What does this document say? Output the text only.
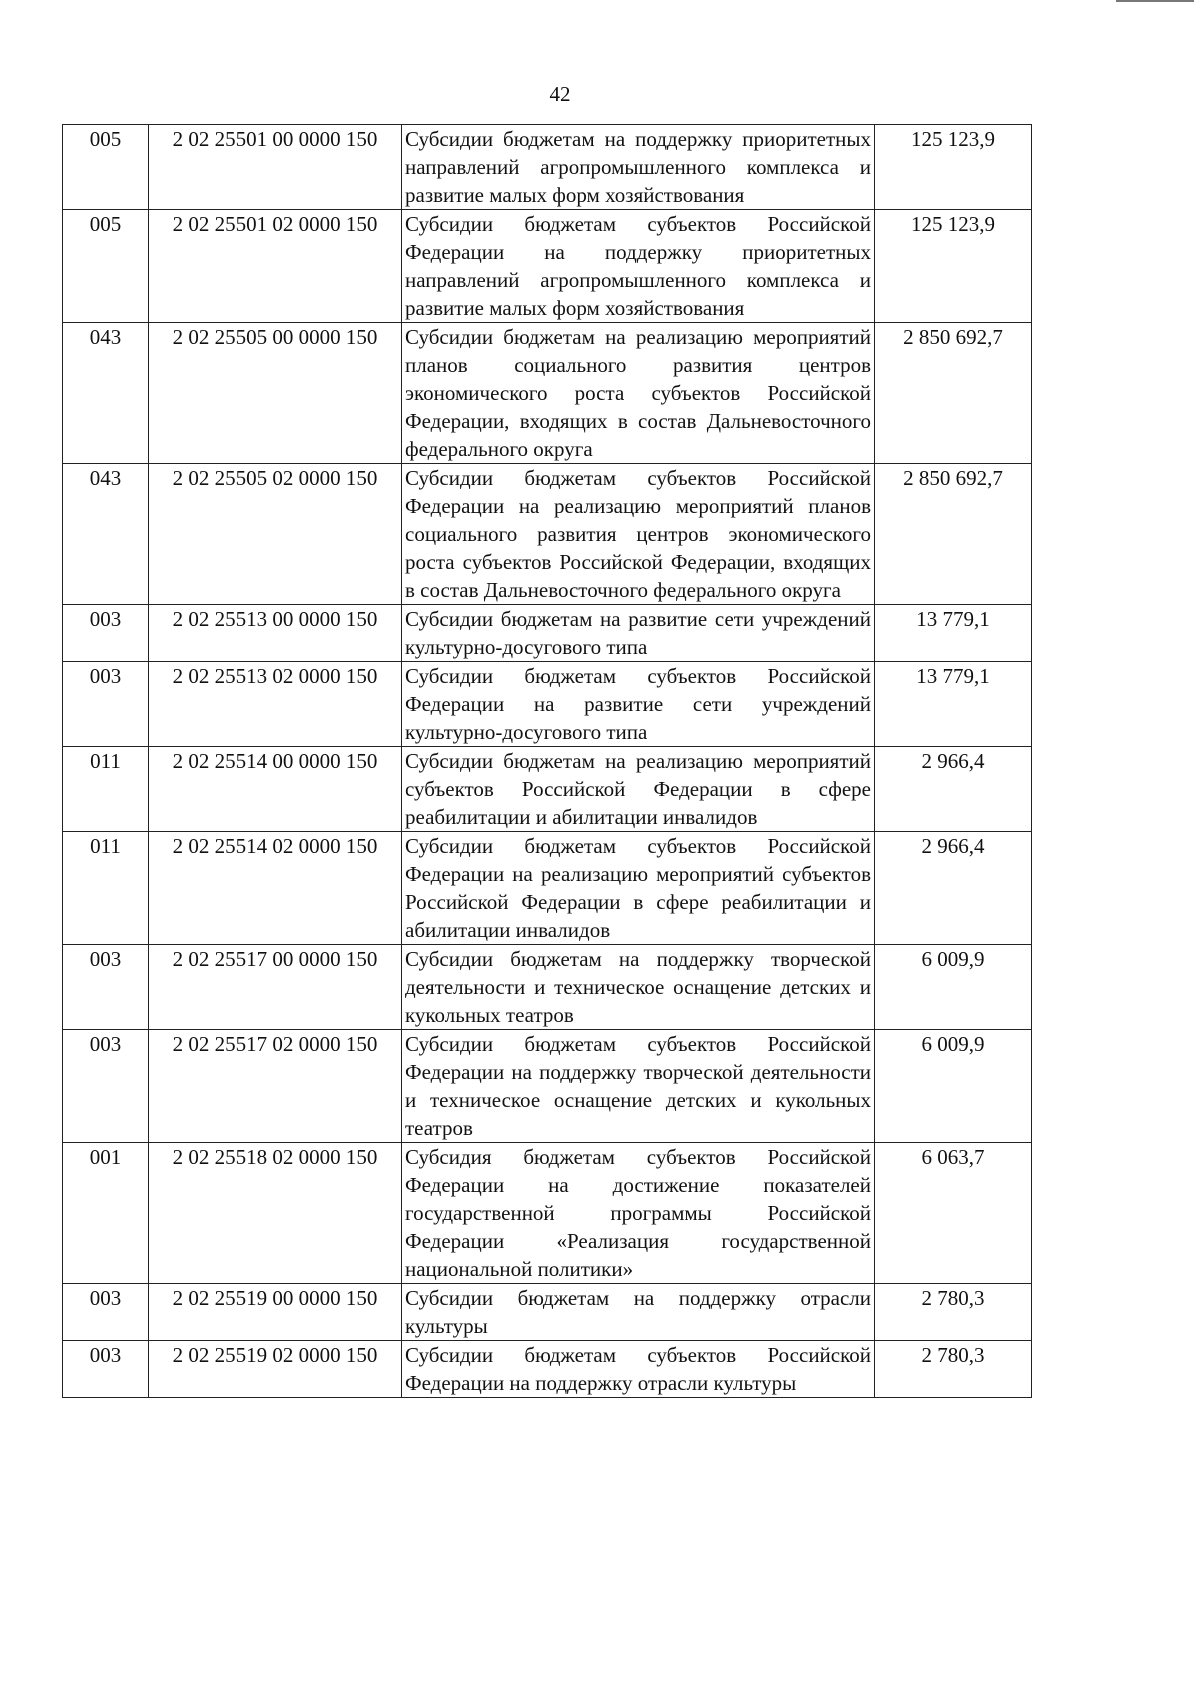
42
005	2 02 25501 00 0000 150	Субсидии бюджетам на поддержку приоритетных направлений агропромышленного комплекса и развитие малых форм хозяйствования	125 123,9
005	2 02 25501 02 0000 150	Субсидии бюджетам субъектов Российской Федерации на поддержку приоритетных направлений агропромышленного комплекса и развитие малых форм хозяйствования	125 123,9
043	2 02 25505 00 0000 150	Субсидии бюджетам на реализацию мероприятий планов социального развития центров экономического роста субъектов Российской Федерации, входящих в состав Дальневосточного федерального округа	2 850 692,7
043	2 02 25505 02 0000 150	Субсидии бюджетам субъектов Российской Федерации на реализацию мероприятий планов социального развития центров экономического роста субъектов Российской Федерации, входящих в состав Дальневосточного федерального округа	2 850 692,7
003	2 02 25513 00 0000 150	Субсидии бюджетам на развитие сети учреждений культурно-досугового типа	13 779,1
003	2 02 25513 02 0000 150	Субсидии бюджетам субъектов Российской Федерации на развитие сети учреждений культурно-досугового типа	13 779,1
011	2 02 25514 00 0000 150	Субсидии бюджетам на реализацию мероприятий субъектов Российской Федерации в сфере реабилитации и абилитации инвалидов	2 966,4
011	2 02 25514 02 0000 150	Субсидии бюджетам субъектов Российской Федерации на реализацию мероприятий субъектов Российской Федерации в сфере реабилитации и абилитации инвалидов	2 966,4
003	2 02 25517 00 0000 150	Субсидии бюджетам на поддержку творческой деятельности и техническое оснащение детских и кукольных театров	6 009,9
003	2 02 25517 02 0000 150	Субсидии бюджетам субъектов Российской Федерации на поддержку творческой деятельности и техническое оснащение детских и кукольных театров	6 009,9
001	2 02 25518 02 0000 150	Субсидия бюджетам субъектов Российской Федерации на достижение показателей государственной программы Российской Федерации «Реализация государственной национальной политики»	6 063,7
003	2 02 25519 00 0000 150	Субсидии бюджетам на поддержку отрасли культуры	2 780,3
003	2 02 25519 02 0000 150	Субсидии бюджетам субъектов Российской Федерации на поддержку отрасли культуры	2 780,3
